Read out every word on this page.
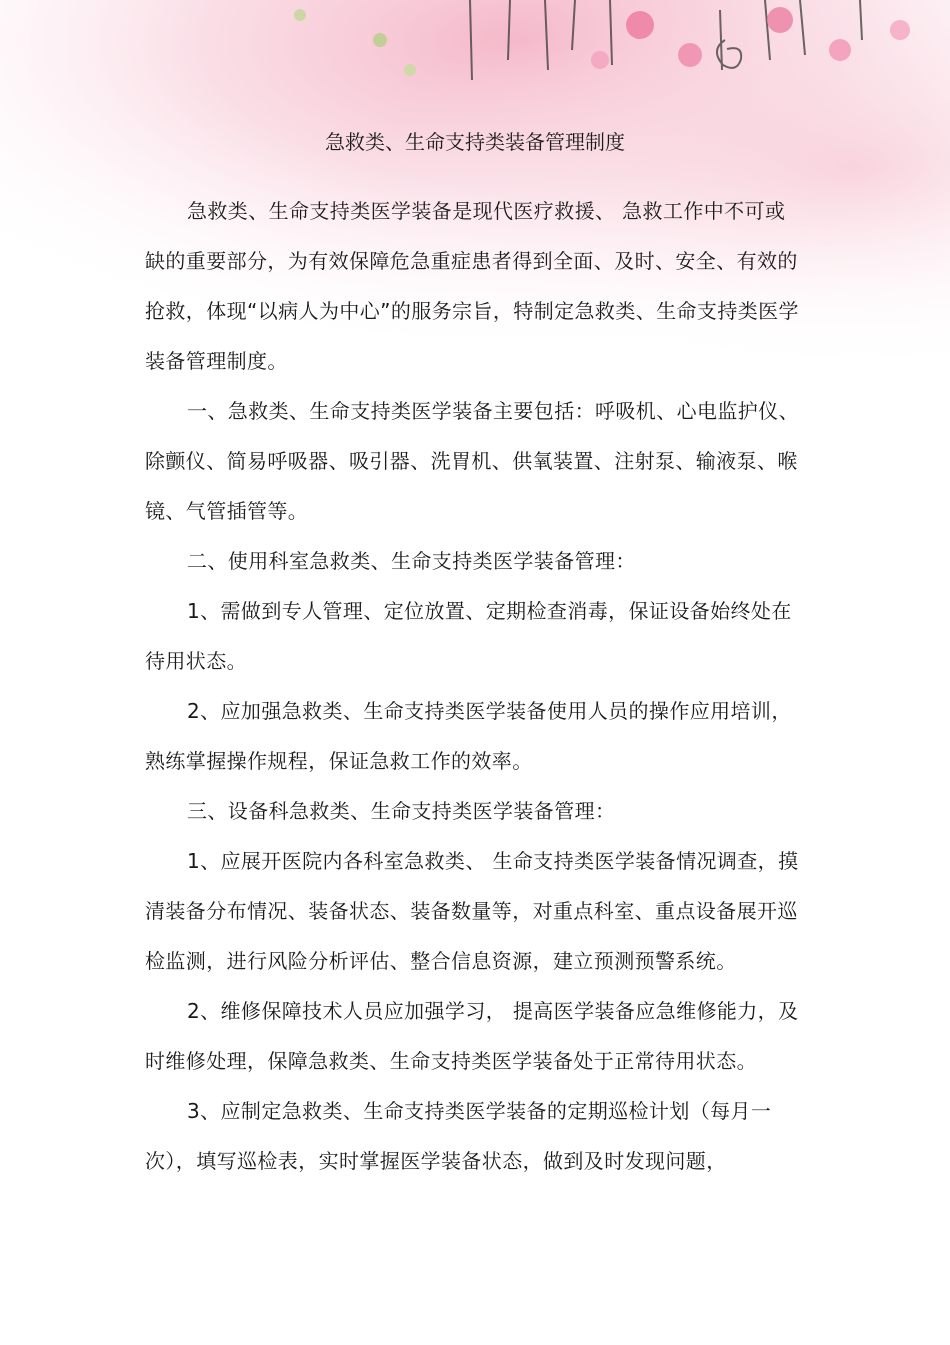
急救类、生命支持类装备管理制度

急救类、生命支持类医学装备是现代医疗救援、 急救工作中不可或缺的重要部分，为有效保障危急重症患者得到全面、及时、安全、有效的抢救，体现“以病人为中心”的服务宗旨，特制定急救类、生命支持类医学装备管理制度。

一、急救类、生命支持类医学装备主要包括：呼吸机、心电监护仪、除颤仪、简易呼吸器、吸引器、洗胃机、供氧装置、注射泵、输液泵、喉镜、气管插管等。

二、使用科室急救类、生命支持类医学装备管理：

1、需做到专人管理、定位放置、定期检查消毒，保证设备始终处在待用状态。

2、应加强急救类、生命支持类医学装备使用人员的操作应用培训，熟练掌握操作规程，保证急救工作的效率。

三、设备科急救类、生命支持类医学装备管理：

1、应展开医院内各科室急救类、 生命支持类医学装备情况调查，摸清装备分布情况、装备状态、装备数量等，对重点科室、重点设备展开巡检监测，进行风险分析评估、整合信息资源，建立预测预警系统。

2、维修保障技术人员应加强学习， 提高医学装备应急维修能力，及时维修处理，保障急救类、生命支持类医学装备处于正常待用状态。

3、应制定急救类、生命支持类医学装备的定期巡检计划（每月一次），填写巡检表，实时掌握医学装备状态，做到及时发现问题，
